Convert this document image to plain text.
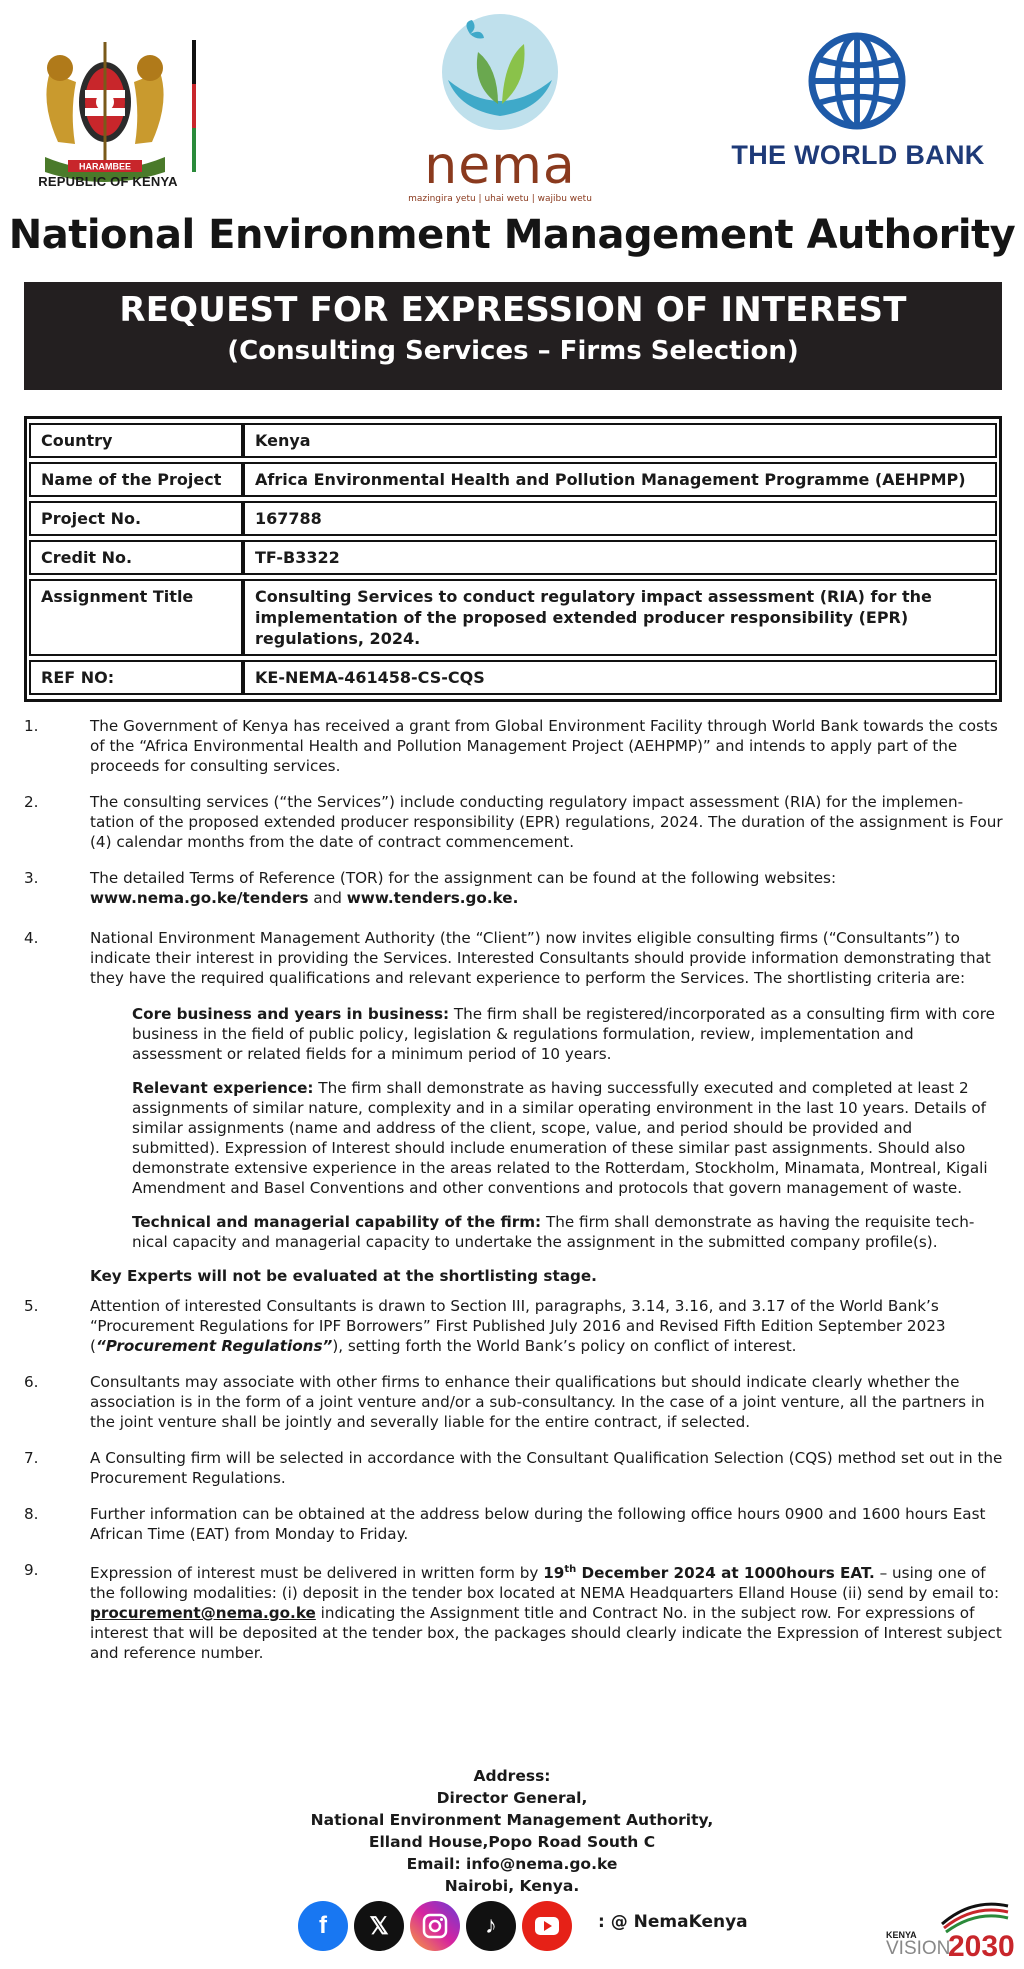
HARAMBEE
REPUBLIC OF KENYA	nema
mazingira yetu | uhai wetu | wajibu wetu
THE WORLD BANK
National Environment Management Authority
REQUEST FOR EXPRESSION OF INTEREST
(Consulting Services – Firms Selection)
Country	Kenya
Name of the Project	Africa Environmental Health and Pollution Management Programme (AEHPMP)
Project No.	167788
Credit No.	TF-B3322
Assignment Title	Consulting Services to conduct regulatory impact assessment (RIA) for the implementation of the proposed extended producer responsibility (EPR) regulations, 2024.
REF NO:	KE-NEMA-461458-CS-CQS
1.	The Government of Kenya has received a grant from Global Environment Facility through World Bank towards the costs of the “Africa Environmental Health and Pollution Management Project (AEHPMP)” and intends to apply part of the proceeds for consulting services.
2.	The consulting services (“the Services”) include conducting regulatory impact assessment (RIA) for the implemen-tation of the proposed extended producer responsibility (EPR) regulations, 2024. The duration of the assignment is Four (4) calendar months from the date of contract commencement.
3.	The detailed Terms of Reference (TOR) for the assignment can be found at the following websites: www.nema.go.ke/tenders and www.tenders.go.ke.
4.	National Environment Management Authority (the “Client”) now invites eligible consulting firms (“Consultants”) to indicate their interest in providing the Services. Interested Consultants should provide information demonstrating that they have the required qualifications and relevant experience to perform the Services. The shortlisting criteria are:
Core business and years in business: The firm shall be registered/incorporated as a consulting firm with core business in the field of public policy, legislation & regulations formulation, review, implementation and assessment or related fields for a minimum period of 10 years.
Relevant experience: The firm shall demonstrate as having successfully executed and completed at least 2 assignments of similar nature, complexity and in a similar operating environment in the last 10 years. Details of similar assignments (name and address of the client, scope, value, and period should be provided and submitted). Expression of Interest should include enumeration of these similar past assignments. Should also demonstrate extensive experience in the areas related to the Rotterdam, Stockholm, Minamata, Montreal, Kigali Amendment and Basel Conventions and other conventions and protocols that govern management of waste.
Technical and managerial capability of the firm: The firm shall demonstrate as having the requisite tech-nical capacity and managerial capacity to undertake the assignment in the submitted company profile(s).
Key Experts will not be evaluated at the shortlisting stage.
5.	Attention of interested Consultants is drawn to Section III, paragraphs, 3.14, 3.16, and 3.17 of the World Bank’s “Procurement Regulations for IPF Borrowers” First Published July 2016 and Revised Fifth Edition September 2023 (“Procurement Regulations”), setting forth the World Bank’s policy on conflict of interest.
6.	Consultants may associate with other firms to enhance their qualifications but should indicate clearly whether the association is in the form of a joint venture and/or a sub-consultancy. In the case of a joint venture, all the partners in the joint venture shall be jointly and severally liable for the entire contract, if selected.
7.	A Consulting firm will be selected in accordance with the Consultant Qualification Selection (CQS) method set out in the Procurement Regulations.
8.	Further information can be obtained at the address below during the following office hours 0900 and 1600 hours East African Time (EAT) from Monday to Friday.
9.	Expression of interest must be delivered in written form by 19th December 2024 at 1000hours EAT. – using one of the following modalities: (i) deposit in the tender box located at NEMA Headquarters Elland House (ii) send by email to: procurement@nema.go.ke indicating the Assignment title and Contract No. in the subject row. For expressions of interest that will be deposited at the tender box, the packages should clearly indicate the Expression of Interest subject and reference number.
Address:
Director General,
National Environment Management Authority,
Elland House,Popo Road South C
Email: info@nema.go.ke
Nairobi, Kenya.
f	𝕏	♪	: @ NemaKenya
KENYA
VISION
2030
